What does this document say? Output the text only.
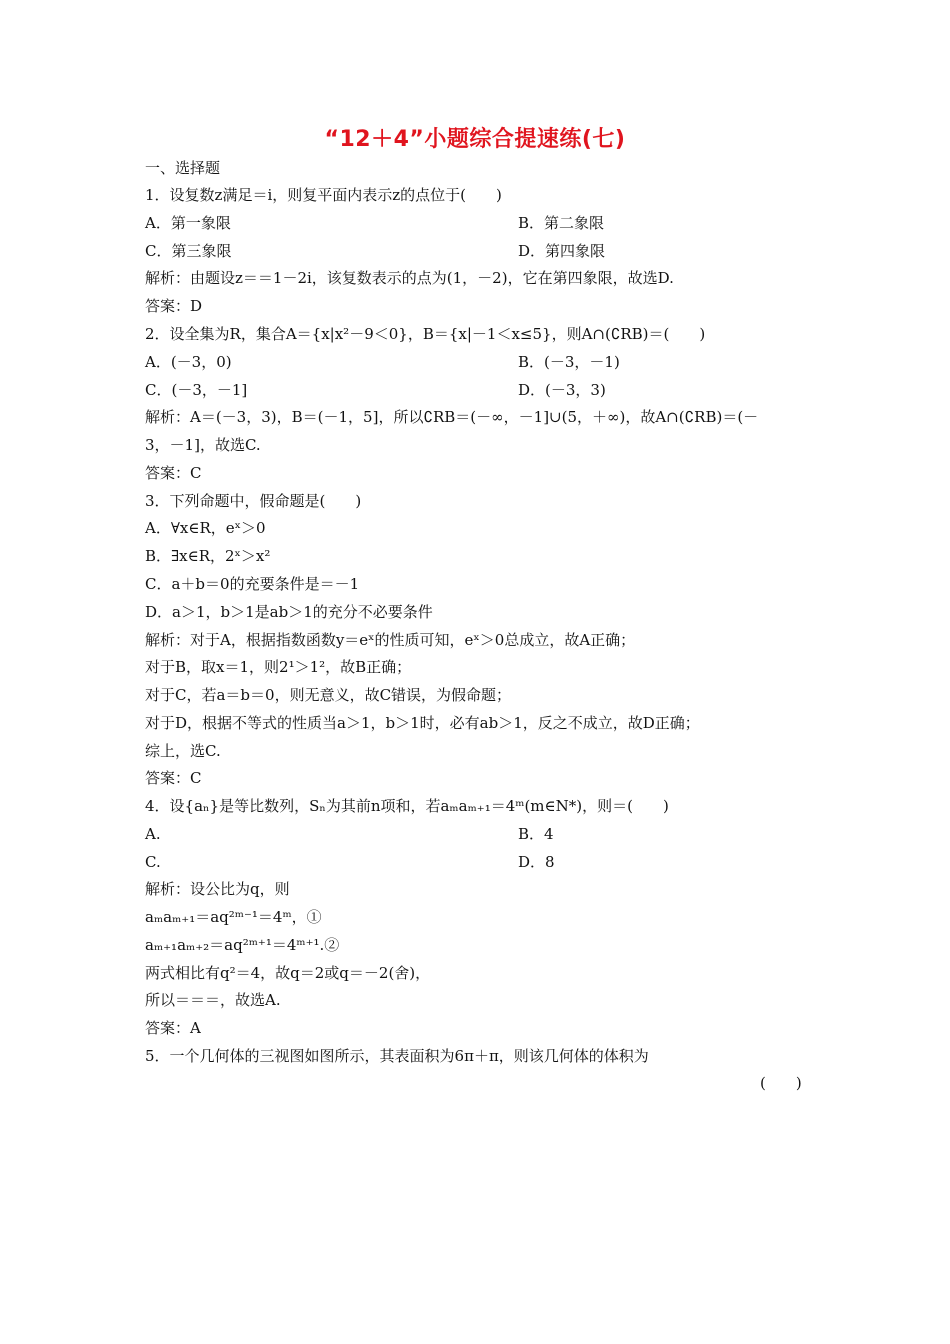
“12＋4”小题综合提速练(七)
一、选择题
1．设复数z满足＝i，则复平面内表示z的点位于(　　)
A．第一象限	B．第二象限
C．第三象限	D．第四象限
解析：由题设z＝＝1－2i，该复数表示的点为(1，－2)，它在第四象限，故选D.
答案：D
2．设全集为R，集合A＝{x|x²－9＜0}，B＝{x|－1＜x≤5}，则A∩(∁RB)＝(　　)
A．(－3，0)	B．(－3，－1)
C．(－3，－1]	D．(－3，3)
解析：A＝(－3，3)，B＝(－1，5]，所以∁RB＝(－∞，－1]∪(5，＋∞)，故A∩(∁RB)＝(－
3，－1]，故选C.
答案：C
3．下列命题中，假命题是(　　)
A．∀x∈R，eˣ＞0
B．∃x∈R，2ˣ＞x²
C．a＋b＝0的充要条件是＝－1
D．a＞1，b＞1是ab＞1的充分不必要条件
解析：对于A，根据指数函数y＝eˣ的性质可知，eˣ＞0总成立，故A正确；
对于B，取x＝1，则2¹＞1²，故B正确；
对于C，若a＝b＝0，则无意义，故C错误，为假命题；
对于D，根据不等式的性质当a＞1，b＞1时，必有ab＞1，反之不成立，故D正确；
综上，选C.
答案：C
4．设{aₙ}是等比数列，Sₙ为其前n项和，若aₘaₘ₊₁＝4ᵐ(m∈N*)，则＝(　　)
A.	B．4
C.	D．8
解析：设公比为q，则
aₘaₘ₊₁＝aq²ᵐ⁻¹＝4ᵐ，①
aₘ₊₁aₘ₊₂＝aq²ᵐ⁺¹＝4ᵐ⁺¹.②
两式相比有q²＝4，故q＝2或q＝－2(舍)，
所以＝＝＝，故选A.
答案：A
5．一个几何体的三视图如图所示，其表面积为6π＋π，则该几何体的体积为
(　　)
